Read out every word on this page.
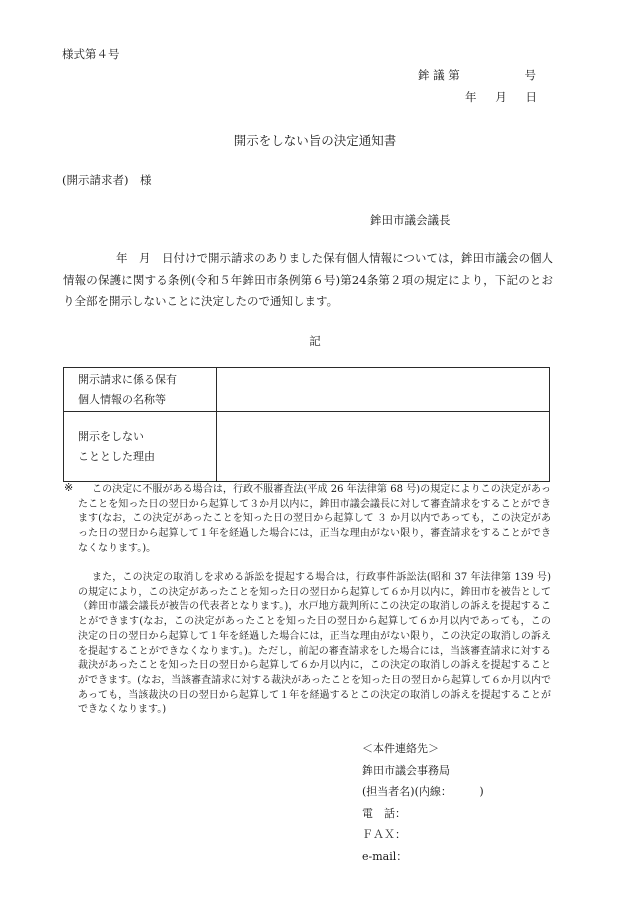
様式第４号
鉾 議 第	号
年 月 日
開示をしない旨の決定通知書
(開示請求者)　様
鉾田市議会議長
年　月　日付けで開示請求のありました保有個人情報については，鉾田市議会の個人情報の保護に関する条例(令和５年鉾田市条例第６号)第24条第２項の規定により，下記のとおり全部を開示しないことに決定したので通知します。
記
開示請求に係る保有
個人情報の名称等	

開示をしない
こととした理由	

※	この決定に不服がある場合は，行政不服審査法(平成 26 年法律第 68 号)の規定によりこの決定があったことを知った日の翌日から起算して３か月以内に，鉾田市議会議長に対して審査請求をすることができます(なお，この決定があったことを知った日の翌日から起算して ３ か月以内であっても，この決定があった日の翌日から起算して１年を経過した場合には，正当な理由がない限り，審査請求をすることができなくなります。)。
また，この決定の取消しを求める訴訟を提起する場合は，行政事件訴訟法(昭和 37 年法律第 139 号)の規定により，この決定があったことを知った日の翌日から起算して６か月以内に，鉾田市を被告として（鉾田市議会議長が被告の代表者となります。)，水戸地方裁判所にこの決定の取消しの訴えを提起することができます(なお，この決定があったことを知った日の翌日から起算して６か月以内であっても，この決定の日の翌日から起算して１年を経過した場合には，正当な理由がない限り，この決定の取消しの訴えを提起することができなくなります。)。ただし，前記の審査請求をした場合には，当該審査請求に対する裁決があったことを知った日の翌日から起算して６か月以内に，この決定の取消しの訴えを提起することができます。(なお，当該審査請求に対する裁決があったことを知った日の翌日から起算して６か月以内であっても，当該裁決の日の翌日から起算して１年を経過するとこの決定の取消しの訴えを提起することができなくなります。)
＜本件連絡先＞
鉾田市議会事務局
(担当者名)(内線：　　　)
電　話：
ＦＡＸ：
e-mail：
